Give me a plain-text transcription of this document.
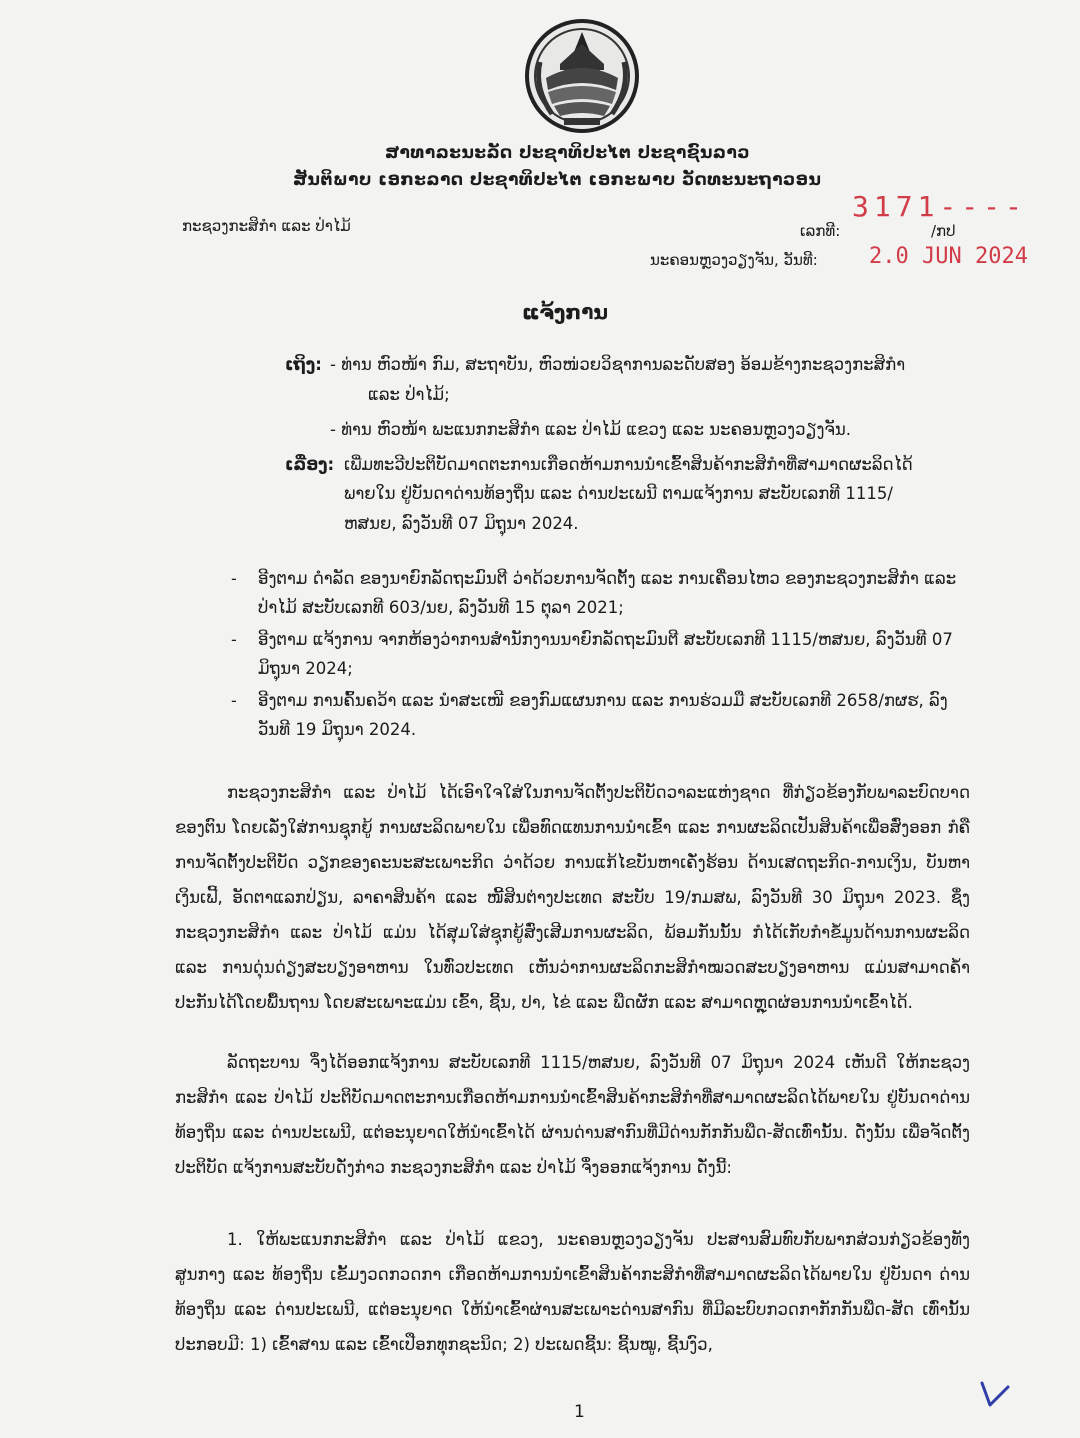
ສາທາລະນະລັດ ປະຊາທິປະໄຕ ປະຊາຊົນລາວ
ສັນຕິພາບ ເອກະລາດ ປະຊາທິປະໄຕ ເອກະພາບ ວັດທະນະຖາວອນ
ກະຊວງກະສິກຳ ແລະ ປ່າໄມ້
3171----
ເລກທີ:	/ກປ
ນະຄອນຫຼວງວຽງຈັນ, ວັນທີ: 2.0 JUN 2024
ແຈ້ງການ
ເຖິງ: - ທ່ານ ຫົວໜ້າ ກົມ, ສະຖາບັນ, ຫົວໜ່ວຍວິຊາການລະດັບສອງ ອ້ອມຂ້າງກະຊວງກະສິກຳ
ແລະ ປ່າໄມ້;
- ທ່ານ ຫົວໜ້າ ພະແນກກະສິກຳ ແລະ ປ່າໄມ້ ແຂວງ ແລະ ນະຄອນຫຼວງວຽງຈັນ.
ເລື່ອງ: ເພີ່ມທະວີປະຕິບັດມາດຕະການເກືອດຫ້າມການນຳເຂົ້າສິນຄ້າກະສິກຳທີ່ສາມາດຜະລິດໄດ້
ພາຍໃນ ຢູ່ບັນດາດ່ານທ້ອງຖິ່ນ ແລະ ດ່ານປະເພນີ ຕາມແຈ້ງການ ສະບັບເລກທີ 1115/
ຫສນຍ, ລົງວັນທີ 07 ມິຖຸນາ 2024.
- ອີງຕາມ ດຳລັດ ຂອງນາຍົກລັດຖະມົນຕີ ວ່າດ້ວຍການຈັດຕັ້ງ ແລະ ການເຄື່ອນໄຫວ ຂອງກະຊວງກະສິກຳ ແລະ
ປ່າໄມ້ ສະບັບເລກທີ 603/ນຍ, ລົງວັນທີ 15 ຕຸລາ 2021;
- ອີງຕາມ ແຈ້ງການ ຈາກຫ້ອງວ່າການສຳນັກງານນາຍົກລັດຖະມົນຕີ ສະບັບເລກທີ 1115/ຫສນຍ, ລົງວັນທີ 07
ມິຖຸນາ 2024;
- ອີງຕາມ ການຄົ້ນຄວ້າ ແລະ ນຳສະເໜີ ຂອງກົມແຜນການ ແລະ ການຮ່ວມມື ສະບັບເລກທີ 2658/ກຜຮ, ລົງ
ວັນທີ 19 ມິຖຸນາ 2024.
ກະຊວງກະສິກຳ ແລະ ປ່າໄມ້ ໄດ້ເອົາໃຈໃສ່ໃນການຈັດຕັ້ງປະຕິບັດວາລະແຫ່ງຊາດ ທີ່ກ່ຽວຂ້ອງກັບພາລະບົດບາດຂອງຕົນ ໂດຍເລັ່ງໃສ່ການຊຸກຍູ້ ການຜະລິດພາຍໃນ ເພື່ອທົດແທນການນຳເຂົ້າ ແລະ ການຜະລິດເປັນສິນຄ້າເພື່ອສົ່ງອອກ ກໍຄືການຈັດຕັ້ງປະຕິບັດ ວຽກຂອງຄະນະສະເພາະກິດ ວ່າດ້ວຍ ການແກ້ໄຂບັນຫາເຄັ່ງຮ້ອນ ດ້ານເສດຖະກິດ-ການເງິນ, ບັນຫາເງິນເຟີ້, ອັດຕາແລກປ່ຽນ, ລາຄາສິນຄ້າ ແລະ ໜີ້ສິນຕ່າງປະເທດ ສະບັບ 19/ກມສພ, ລົງວັນທີ 30 ມິຖຸນາ 2023. ຊຶ່ງກະຊວງກະສິກຳ ແລະ ປ່າໄມ້ ແມ່ນ ໄດ້ສຸມໃສ່ຊຸກຍູ້ສົ່ງເສີມການຜະລິດ, ພ້ອມກັນນັ້ນ ກໍໄດ້ເກັບກຳຂໍ້ມູນດ້ານການຜະລິດ ແລະ ການດຸ່ນດ່ຽງສະບຽງອາຫານ ໃນທົ່ວປະເທດ ເຫັນວ່າການຜະລິດກະສິກຳໝວດສະບຽງອາຫານ ແມ່ນສາມາດຄ້ຳປະກັນໄດ້ໂດຍພື້ນຖານ ໂດຍສະເພາະແມ່ນ ເຂົ້າ, ຊີ້ນ, ປາ, ໄຂ່ ແລະ ພືດຜັກ ແລະ ສາມາດຫຼຸດຜ່ອນການນຳເຂົ້າໄດ້.
ລັດຖະບານ ຈຶ່ງໄດ້ອອກແຈ້ງການ ສະບັບເລກທີ 1115/ຫສນຍ, ລົງວັນທີ 07 ມິຖຸນາ 2024 ເຫັນດີ ໃຫ້ກະຊວງ ກະສິກຳ ແລະ ປ່າໄມ້ ປະຕິບັດມາດຕະການເກືອດຫ້າມການນຳເຂົ້າສິນຄ້າກະສິກຳທີ່ສາມາດຜະລິດໄດ້ພາຍໃນ ຢູ່ບັນດາດ່ານທ້ອງຖິ່ນ ແລະ ດ່ານປະເພນີ, ແຕ່ອະນຸຍາດໃຫ້ນຳເຂົ້າໄດ້ ຜ່ານດ່ານສາກົນທີ່ມີດ່ານກັກກັນພືດ-ສັດເທົ່ານັ້ນ. ດັ່ງນັ້ນ ເພື່ອຈັດຕັ້ງປະຕິບັດ ແຈ້ງການສະບັບດັ່ງກ່າວ ກະຊວງກະສິກຳ ແລະ ປ່າໄມ້ ຈຶ່ງອອກແຈ້ງການ ດັ່ງນີ້:
1. ໃຫ້ພະແນກກະສິກຳ ແລະ ປ່າໄມ້ ແຂວງ, ນະຄອນຫຼວງວຽງຈັນ ປະສານສົມທົບກັບພາກສ່ວນກ່ຽວຂ້ອງທັງສູນກາງ ແລະ ທ້ອງຖິ່ນ ເຂັ້ມງວດກວດກາ ເກືອດຫ້າມການນຳເຂົ້າສິນຄ້າກະສິກຳທີ່ສາມາດຜະລິດໄດ້ພາຍໃນ ຢູ່ບັນດາ ດ່ານທ້ອງຖິ່ນ ແລະ ດ່ານປະເພນີ, ແຕ່ອະນຸຍາດ ໃຫ້ນຳເຂົ້າຜ່ານສະເພາະດ່ານສາກົນ ທີ່ມີລະບົບກວດກາກັກກັນພືດ-ສັດ ເທົ່ານັ້ນປະກອບມີ: 1) ເຂົ້າສານ ແລະ ເຂົ້າເປືອກທຸກຊະນິດ; 2) ປະເພດຊີ້ນ: ຊີ້ນໝູ, ຊີ້ນງົວ,
1
